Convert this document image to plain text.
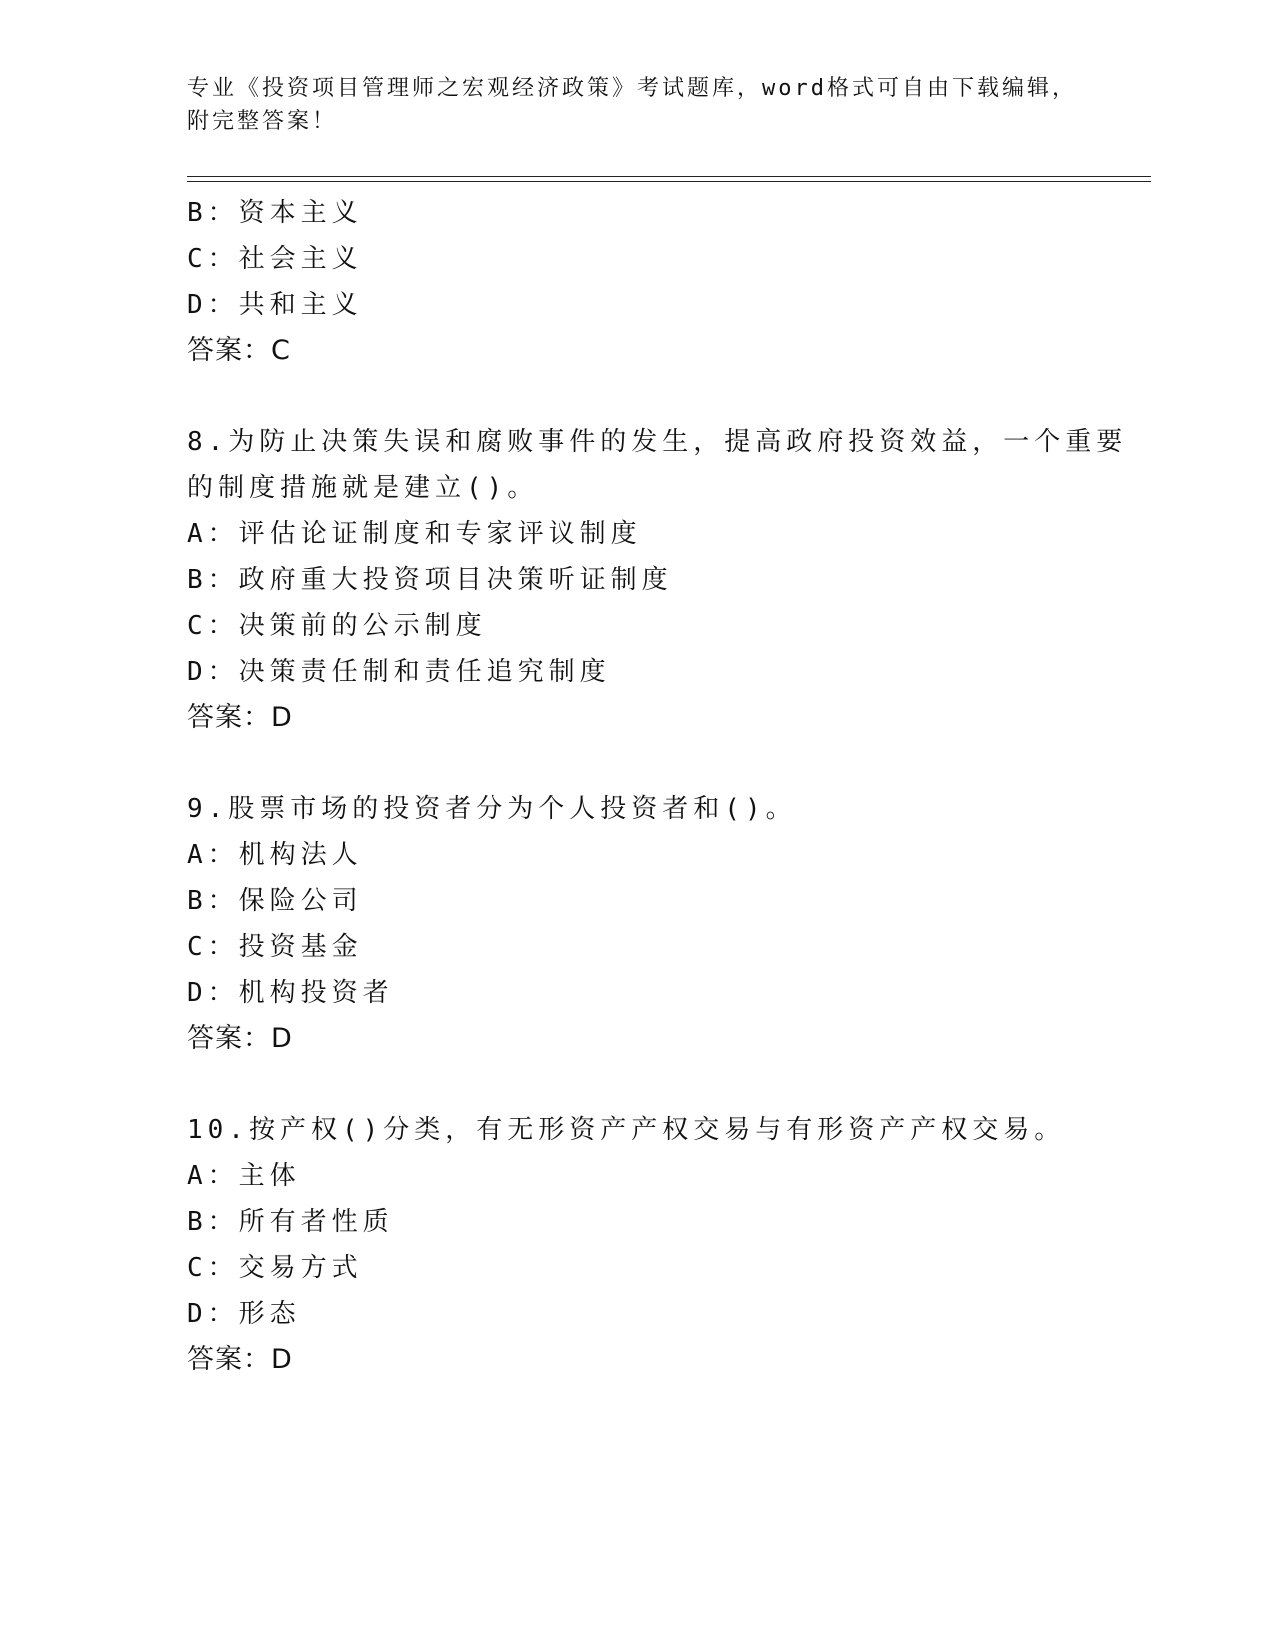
专业《投资项目管理师之宏观经济政策》考试题库，word格式可自由下载编辑，
附完整答案！
B：资本主义
C：社会主义
D：共和主义
答案：C
8.为防止决策失误和腐败事件的发生，提高政府投资效益，一个重要
的制度措施就是建立()。
A：评估论证制度和专家评议制度
B：政府重大投资项目决策听证制度
C：决策前的公示制度
D：决策责任制和责任追究制度
答案：D
9.股票市场的投资者分为个人投资者和()。
A：机构法人
B：保险公司
C：投资基金
D：机构投资者
答案：D
10.按产权()分类，有无形资产产权交易与有形资产产权交易。
A：主体
B：所有者性质
C：交易方式
D：形态
答案：D
